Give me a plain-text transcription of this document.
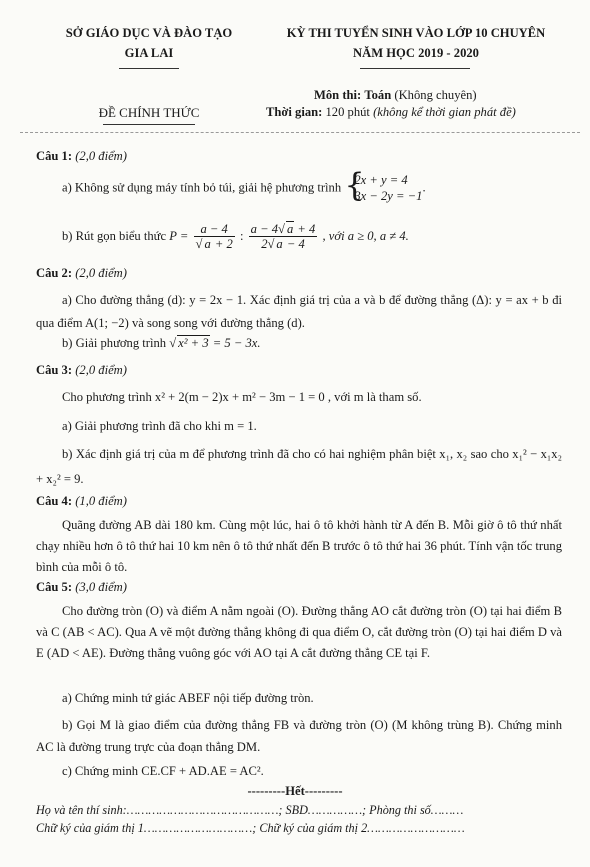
SỞ GIÁO DỤC VÀ ĐÀO TẠO
GIA LAI
KỲ THI TUYỂN SINH VÀO LỚP 10 CHUYÊN
NĂM HỌC 2019 - 2020
Môn thi: Toán (Không chuyên)
ĐỀ CHÍNH THỨC	Thời gian: 120 phút (không kể thời gian phát đề)
Câu 1: (2,0 điểm)
a) Không sử dụng máy tính bỏ túi, giải hệ phương trình {
2x + y = 4
3x − 2y = −1
.
b) Rút gọn biểu thức $P = \frac{a - 4}{√ a + 2}$ : $\frac{a - 4√ a + 4}{2√ a - 4}$ , với a ≥ 0, a ≠ 4.
Câu 2: (2,0 điểm)
a) Cho đường thẳng (d): y = 2x − 1. Xác định giá trị của a và b để đường thẳng (Δ): y = ax + b đi qua điểm A(1; −2) và song song với đường thẳng (d).
b) Giải phương trình √ x² + 3 = 5 − 3x.
Câu 3: (2,0 điểm)
Cho phương trình x² + 2(m − 2)x + m² − 3m − 1 = 0 , với m là tham số.
a) Giải phương trình đã cho khi m = 1.
b) Xác định giá trị của m để phương trình đã cho có hai nghiệm phân biệt x₁, x₂ sao cho x₁² − x₁x₂ + x₂² = 9.
Câu 4: (1,0 điểm)
Quãng đường AB dài 180 km. Cùng một lúc, hai ô tô khởi hành từ A đến B. Mỗi giờ ô tô thứ nhất chạy nhiều hơn ô tô thứ hai 10 km nên ô tô thứ nhất đến B trước ô tô thứ hai 36 phút. Tính vận tốc trung bình của mỗi ô tô.
Câu 5: (3,0 điểm)
Cho đường tròn (O) và điểm A nằm ngoài (O). Đường thẳng AO cắt đường tròn (O) tại hai điểm B và C (AB < AC). Qua A vẽ một đường thẳng không đi qua điểm O, cắt đường tròn (O) tại hai điểm D và E (AD < AE). Đường thẳng vuông góc với AO tại A cắt đường thẳng CE tại F.
a) Chứng minh tứ giác ABEF nội tiếp đường tròn.
b) Gọi M là giao điểm của đường thẳng FB và đường tròn (O) (M không trùng B). Chứng minh AC là đường trung trực của đoạn thẳng DM.
c) Chứng minh CE.CF + AD.AE = AC².
---------Hết---------
Họ và tên thí sinh:……………………………………; SBD……………; Phòng thi số………
Chữ ký của giám thị 1…………………………; Chữ ký của giám thị 2………………………
